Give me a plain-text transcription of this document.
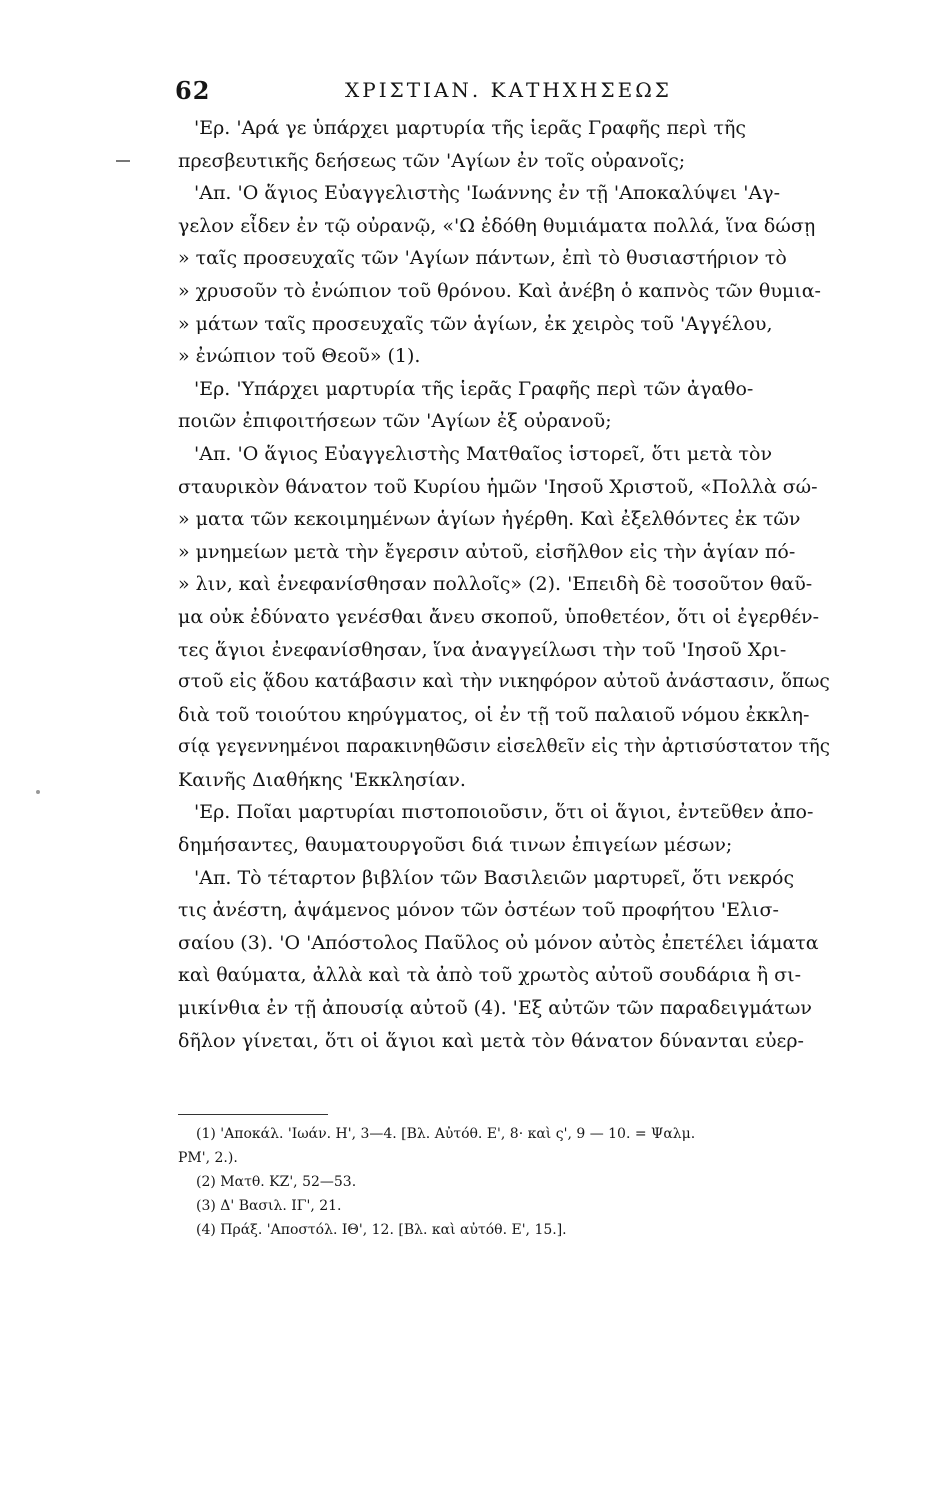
62	ΧΡΙΣΤΙΑΝ. ΚΑΤΗΧΗΣΕΩΣ
'Ερ. 'Αρά γε ὑπάρχει μαρτυρία τῆς ἱερᾶς Γραφῆς περὶ τῆς
πρεσβευτικῆς δεήσεως τῶν 'Αγίων ἐν τοῖς οὐρανοῖς;
'Απ. 'Ο ἅγιος Εὐαγγελιστὴς 'Ιωάννης ἐν τῇ 'Αποκαλύψει 'Αγ-
γελον εἶδεν ἐν τῷ οὐρανῷ, «'Ω ἐδόθη θυμιάματα πολλά, ἵνα δώσῃ
» ταῖς προσευχαῖς τῶν 'Αγίων πάντων, ἐπὶ τὸ θυσιαστήριον τὸ
» χρυσοῦν τὸ ἐνώπιον τοῦ θρόνου. Καὶ ἀνέβη ὁ καπνὸς τῶν θυμια-
» μάτων ταῖς προσευχαῖς τῶν ἁγίων, ἐκ χειρὸς τοῦ 'Αγγέλου,
» ἐνώπιον τοῦ Θεοῦ» (1).
'Ερ. 'Υπάρχει μαρτυρία τῆς ἱερᾶς Γραφῆς περὶ τῶν ἀγαθο-
ποιῶν ἐπιφοιτήσεων τῶν 'Αγίων ἐξ οὐρανοῦ;
'Απ. 'Ο ἅγιος Εὐαγγελιστὴς Ματθαῖος ἱστορεῖ, ὅτι μετὰ τὸν
σταυρικὸν θάνατον τοῦ Κυρίου ἡμῶν 'Ιησοῦ Χριστοῦ, «Πολλὰ σώ-
» ματα τῶν κεκοιμημένων ἁγίων ἠγέρθη. Καὶ ἐξελθόντες ἐκ τῶν
» μνημείων μετὰ τὴν ἔγερσιν αὐτοῦ, εἰσῆλθον εἰς τὴν ἁγίαν πό-
» λιν, καὶ ἐνεφανίσθησαν πολλοῖς» (2). 'Επειδὴ δὲ τοσοῦτον θαῦ-
μα οὐκ ἐδύνατο γενέσθαι ἄνευ σκοποῦ, ὑποθετέον, ὅτι οἱ ἐγερθέν-
τες ἅγιοι ἐνεφανίσθησαν, ἵνα ἀναγγείλωσι τὴν τοῦ 'Ιησοῦ Χρι-
στοῦ εἰς ᾅδου κατάβασιν καὶ τὴν νικηφόρον αὐτοῦ ἀνάστασιν, ὅπως
διὰ τοῦ τοιούτου κηρύγματος, οἱ ἐν τῇ τοῦ παλαιοῦ νόμου ἐκκλη-
σίᾳ γεγεννημένοι παρακινηθῶσιν εἰσελθεῖν εἰς τὴν ἀρτισύστατον τῆς
Καινῆς Διαθήκης 'Εκκλησίαν.
'Ερ. Ποῖαι μαρτυρίαι πιστοποιοῦσιν, ὅτι οἱ ἅγιοι, ἐντεῦθεν ἀπο-
δημήσαντες, θαυματουργοῦσι διά τινων ἐπιγείων μέσων;
'Απ. Τὸ τέταρτον βιβλίον τῶν Βασιλειῶν μαρτυρεῖ, ὅτι νεκρός
τις ἀνέστη, ἀψάμενος μόνον τῶν ὀστέων τοῦ προφήτου 'Ελισ-
σαίου (3). 'Ο 'Απόστολος Παῦλος οὐ μόνον αὐτὸς ἐπετέλει ἰάματα
καὶ θαύματα, ἀλλὰ καὶ τὰ ἀπὸ τοῦ χρωτὸς αὐτοῦ σουδάρια ἢ σι-
μικίνθια ἐν τῇ ἀπουσίᾳ αὐτοῦ (4). 'Εξ αὐτῶν τῶν παραδειγμάτων
δῆλον γίνεται, ὅτι οἱ ἅγιοι καὶ μετὰ τὸν θάνατον δύνανται εὐερ-
(1) 'Αποκάλ. 'Ιωάν. Η', 3—4. [Βλ. Αὐτόθ. Ε', 8· καὶ ς', 9 — 10. = Ψαλμ.
ΡΜ', 2.).
(2) Ματθ. ΚΖ', 52—53.
(3) Δ' Βασιλ. ΙΓ', 21.
(4) Πράξ. 'Αποστόλ. ΙΘ', 12. [Βλ. καὶ αὐτόθ. Ε', 15.].
